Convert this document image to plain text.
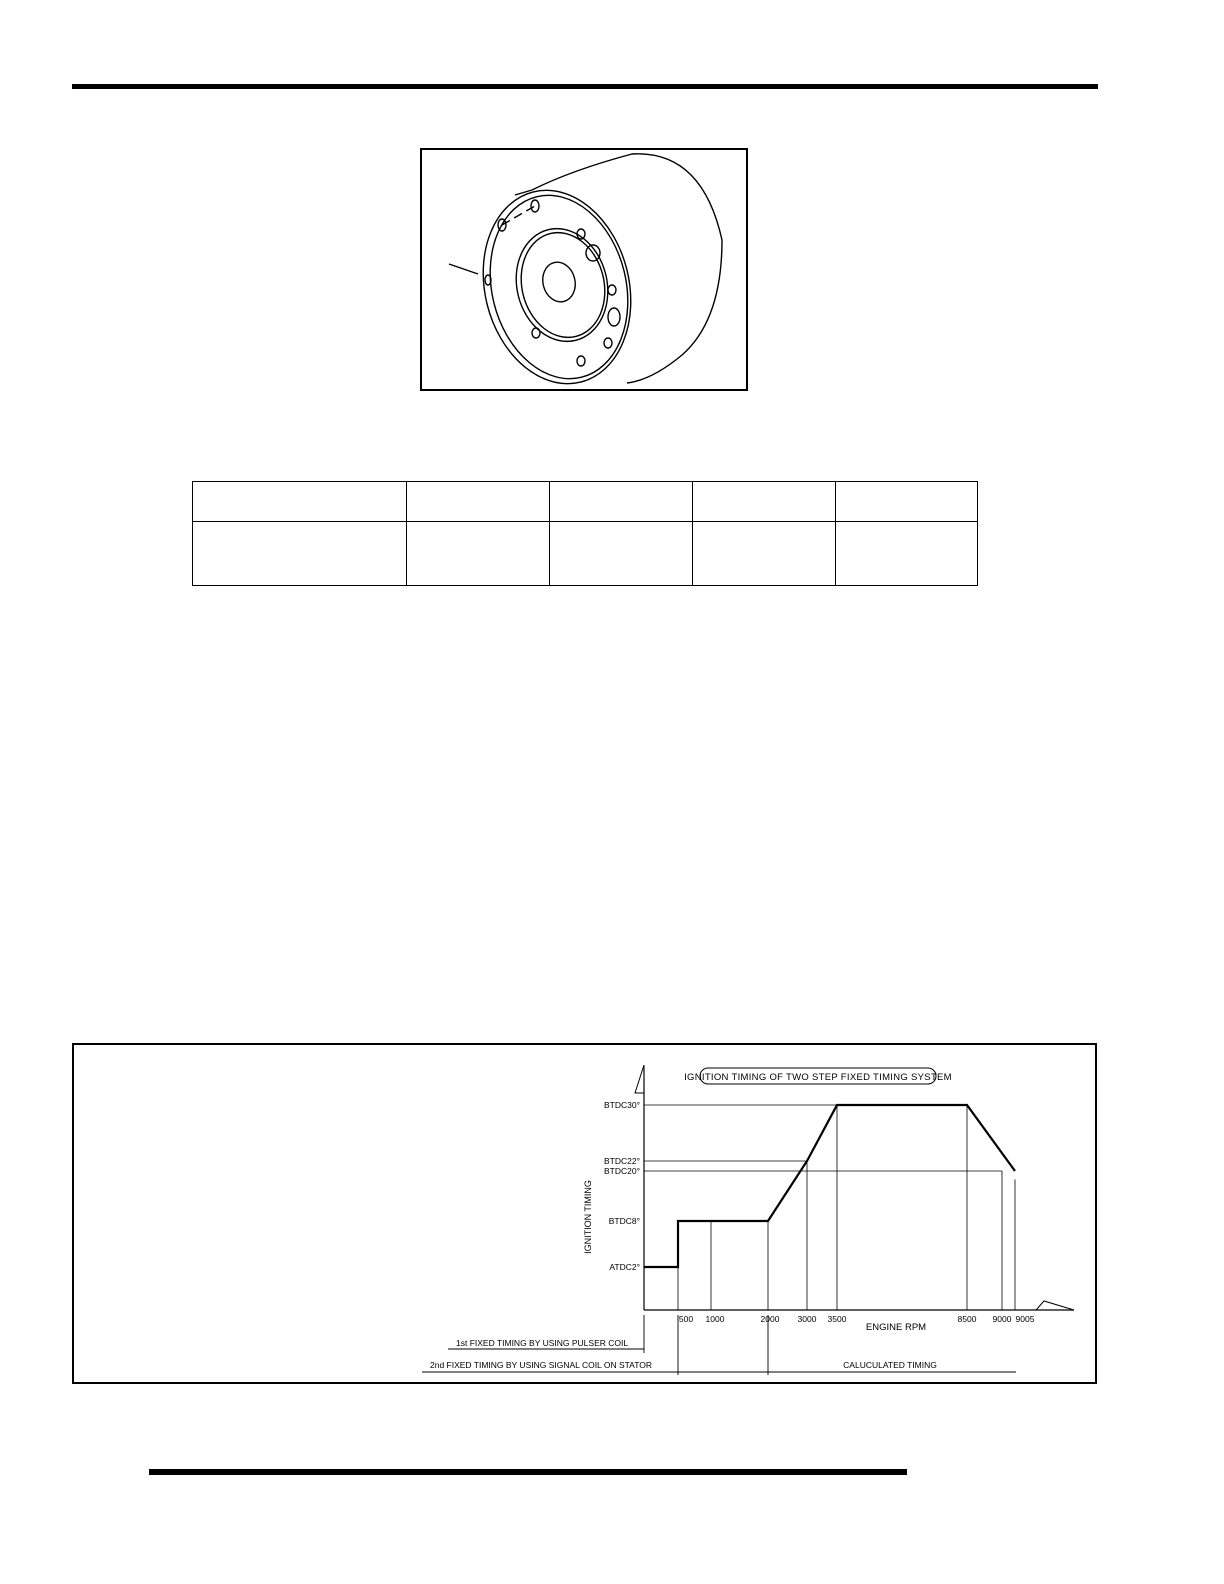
IGNITION TIMING OF TWO STEP FIXED TIMING SYSTEM
BTDC30°
BTDC22°
BTDC20°
BTDC8°
ATDC2°
500 1000	2000 3000 3500	8500 9000 9005
IGNITION TIMING
ENGINE RPM
1st FIXED TIMING BY USING PULSER COIL
2nd FIXED TIMING BY USING SIGNAL COIL ON STATOR	CALUCULATED TIMING
